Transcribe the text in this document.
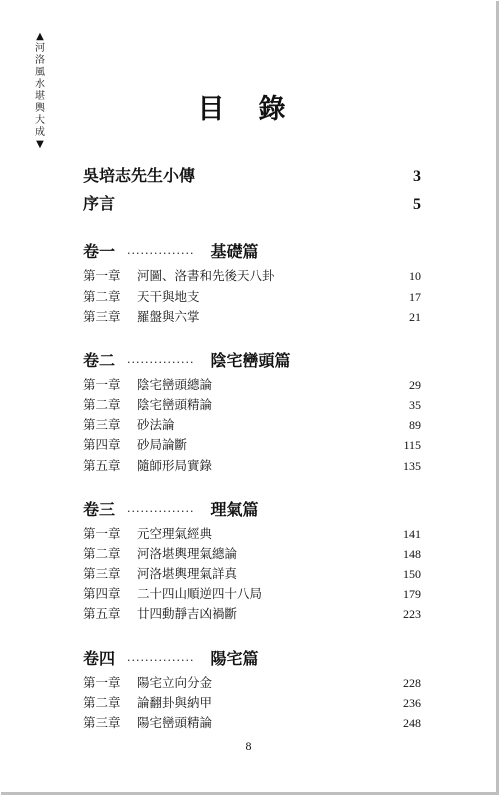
▲
河
洛
風
水
堪
輿
大
成
▼
目錄
吳培志先生小傳	3
序言	5
卷一 ··············· 基礎篇
第一章	河圖、洛書和先後天八卦	10
第二章	天干與地支	17
第三章	羅盤與六掌	21
卷二 ··············· 陰宅巒頭篇
第一章	陰宅巒頭總論	29
第二章	陰宅巒頭精論	35
第三章	砂法論	89
第四章	砂局論斷	115
第五章	隨師形局實錄	135
卷三 ··············· 理氣篇
第一章	元空理氣經典	141
第二章	河洛堪輿理氣總論	148
第三章	河洛堪輿理氣詳真	150
第四章	二十四山順逆四十八局	179
第五章	廿四動靜吉凶禍斷	223
卷四 ··············· 陽宅篇
第一章	陽宅立向分金	228
第二章	論翻卦與納甲	236
第三章	陽宅巒頭精論	248
8
